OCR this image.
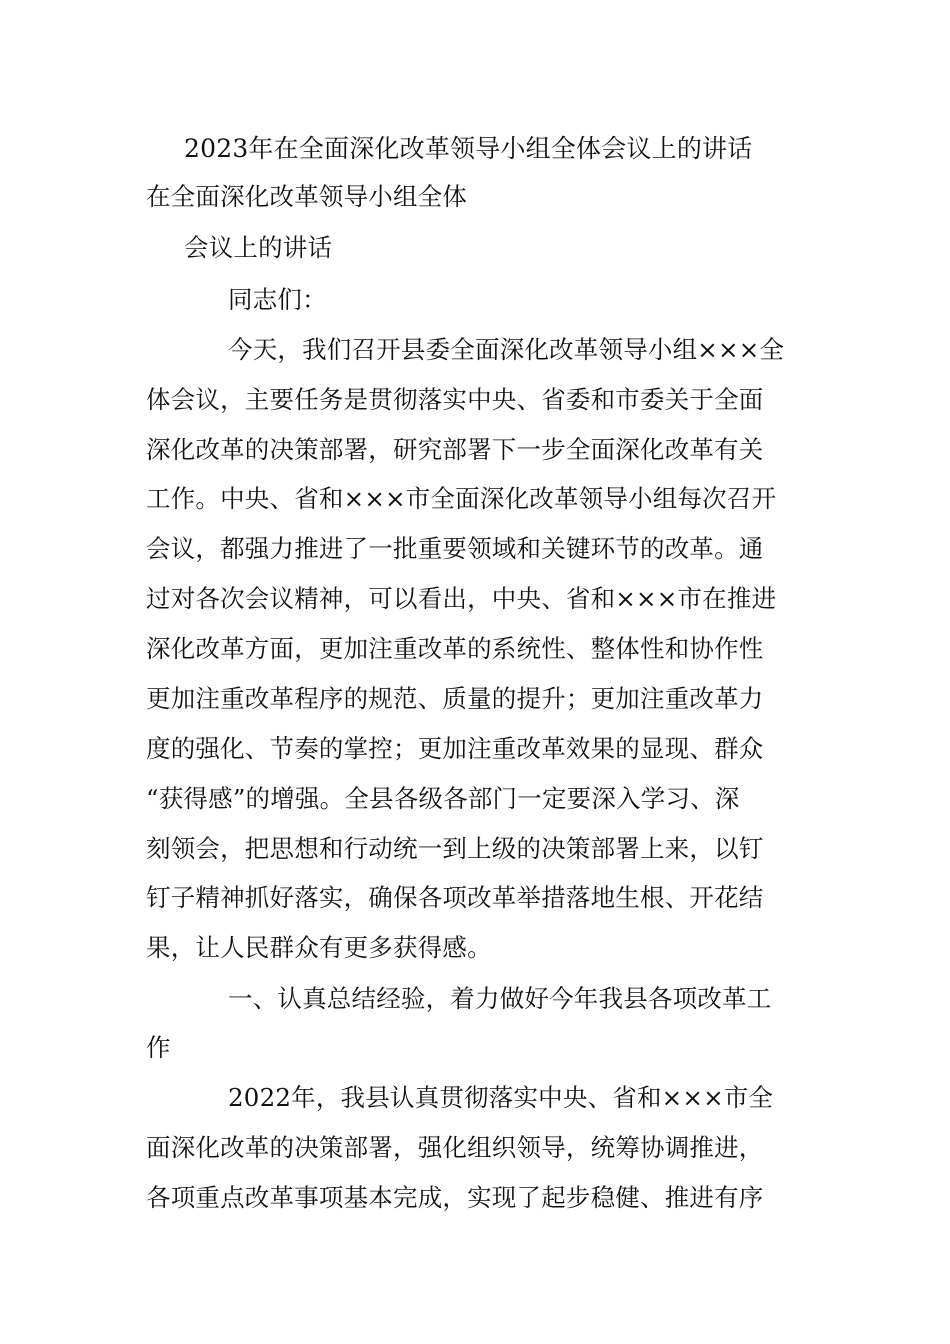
2023年在全面深化改革领导小组全体会议上的讲话
在全面深化改革领导小组全体
会议上的讲话
同志们：
今天，我们召开县委全面深化改革领导小组×××全
体会议，主要任务是贯彻落实中央、省委和市委关于全面
深化改革的决策部署，研究部署下一步全面深化改革有关
工作。中央、省和×××市全面深化改革领导小组每次召开
会议，都强力推进了一批重要领域和关键环节的改革。通
过对各次会议精神，可以看出，中央、省和×××市在推进
深化改革方面，更加注重改革的系统性、整体性和协作性
更加注重改革程序的规范、质量的提升；更加注重改革力
度的强化、节奏的掌控；更加注重改革效果的显现、群众
“获得感”的增强。全县各级各部门一定要深入学习、深
刻领会，把思想和行动统一到上级的决策部署上来，以钉
钉子精神抓好落实，确保各项改革举措落地生根、开花结
果，让人民群众有更多获得感。
一、认真总结经验，着力做好今年我县各项改革工
作
2022年，我县认真贯彻落实中央、省和×××市全
面深化改革的决策部署，强化组织领导，统筹协调推进，
各项重点改革事项基本完成，实现了起步稳健、推进有序
